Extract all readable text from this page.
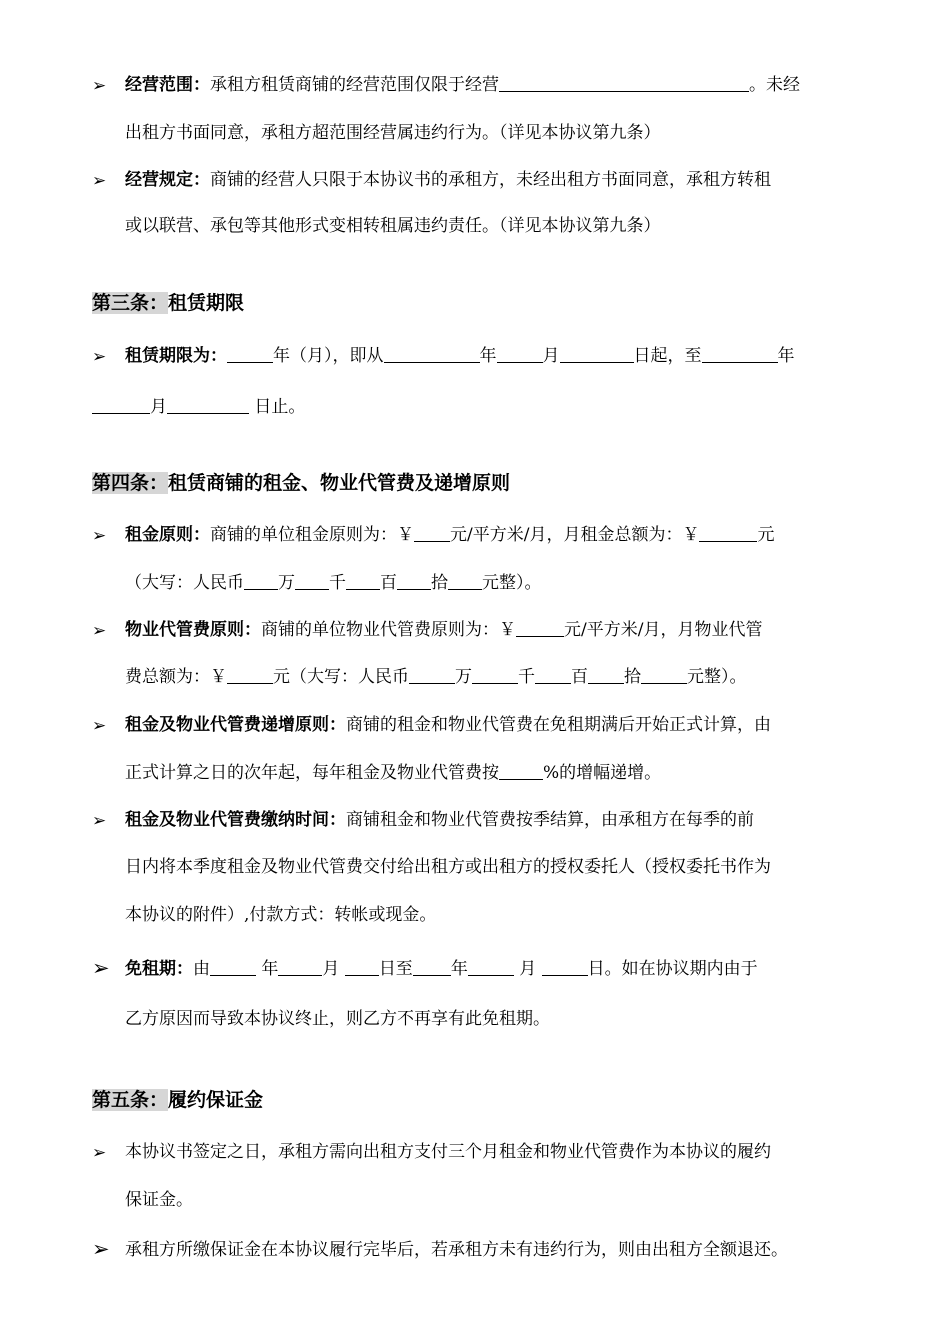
➢	经营范围：承租方租赁商铺的经营范围仅限于经营	。未经
出租方书面同意，承租方超范围经营属违约行为。（详见本协议第九条）
➢	经营规定：商铺的经营人只限于本协议书的承租方，未经出租方书面同意，承租方转租
或以联营、承包等其他形式变相转租属违约责任。（详见本协议第九条）
第三条：租赁期限
➢	租赁期限为：	年（月），即从	年	月	日起，至	年
月	日止。
第四条：租赁商铺的租金、物业代管费及递增原则
➢	租金原则：商铺的单位租金原则为：￥ 元/平方米/月，月租金总额为：￥	元
（大写：人民币 万 千 百 拾 元整）。
➢	物业代管费原则：商铺的单位物业代管费原则为：￥	元/平方米/月，月物业代管
费总额为：￥	元（大写：人民币	万	千 百 拾	元整）。
➢	租金及物业代管费递增原则：商铺的租金和物业代管费在免租期满后开始正式计算，由
正式计算之日的次年起，每年租金及物业代管费按	%的增幅递增。
➢	租金及物业代管费缴纳时间：商铺租金和物业代管费按季结算，由承租方在每季的前
日内将本季度租金及物业代管费交付给出租方或出租方的授权委托人（授权委托书作为
本协议的附件）,付款方式：转帐或现金。
➢ 免租期：由	年	月 日至 年	月	日。如在协议期内由于
乙方原因而导致本协议终止，则乙方不再享有此免租期。
第五条：履约保证金
➢	本协议书签定之日，承租方需向出租方支付三个月租金和物业代管费作为本协议的履约
保证金。
➢ 承租方所缴保证金在本协议履行完毕后，若承租方未有违约行为，则由出租方全额退还。
